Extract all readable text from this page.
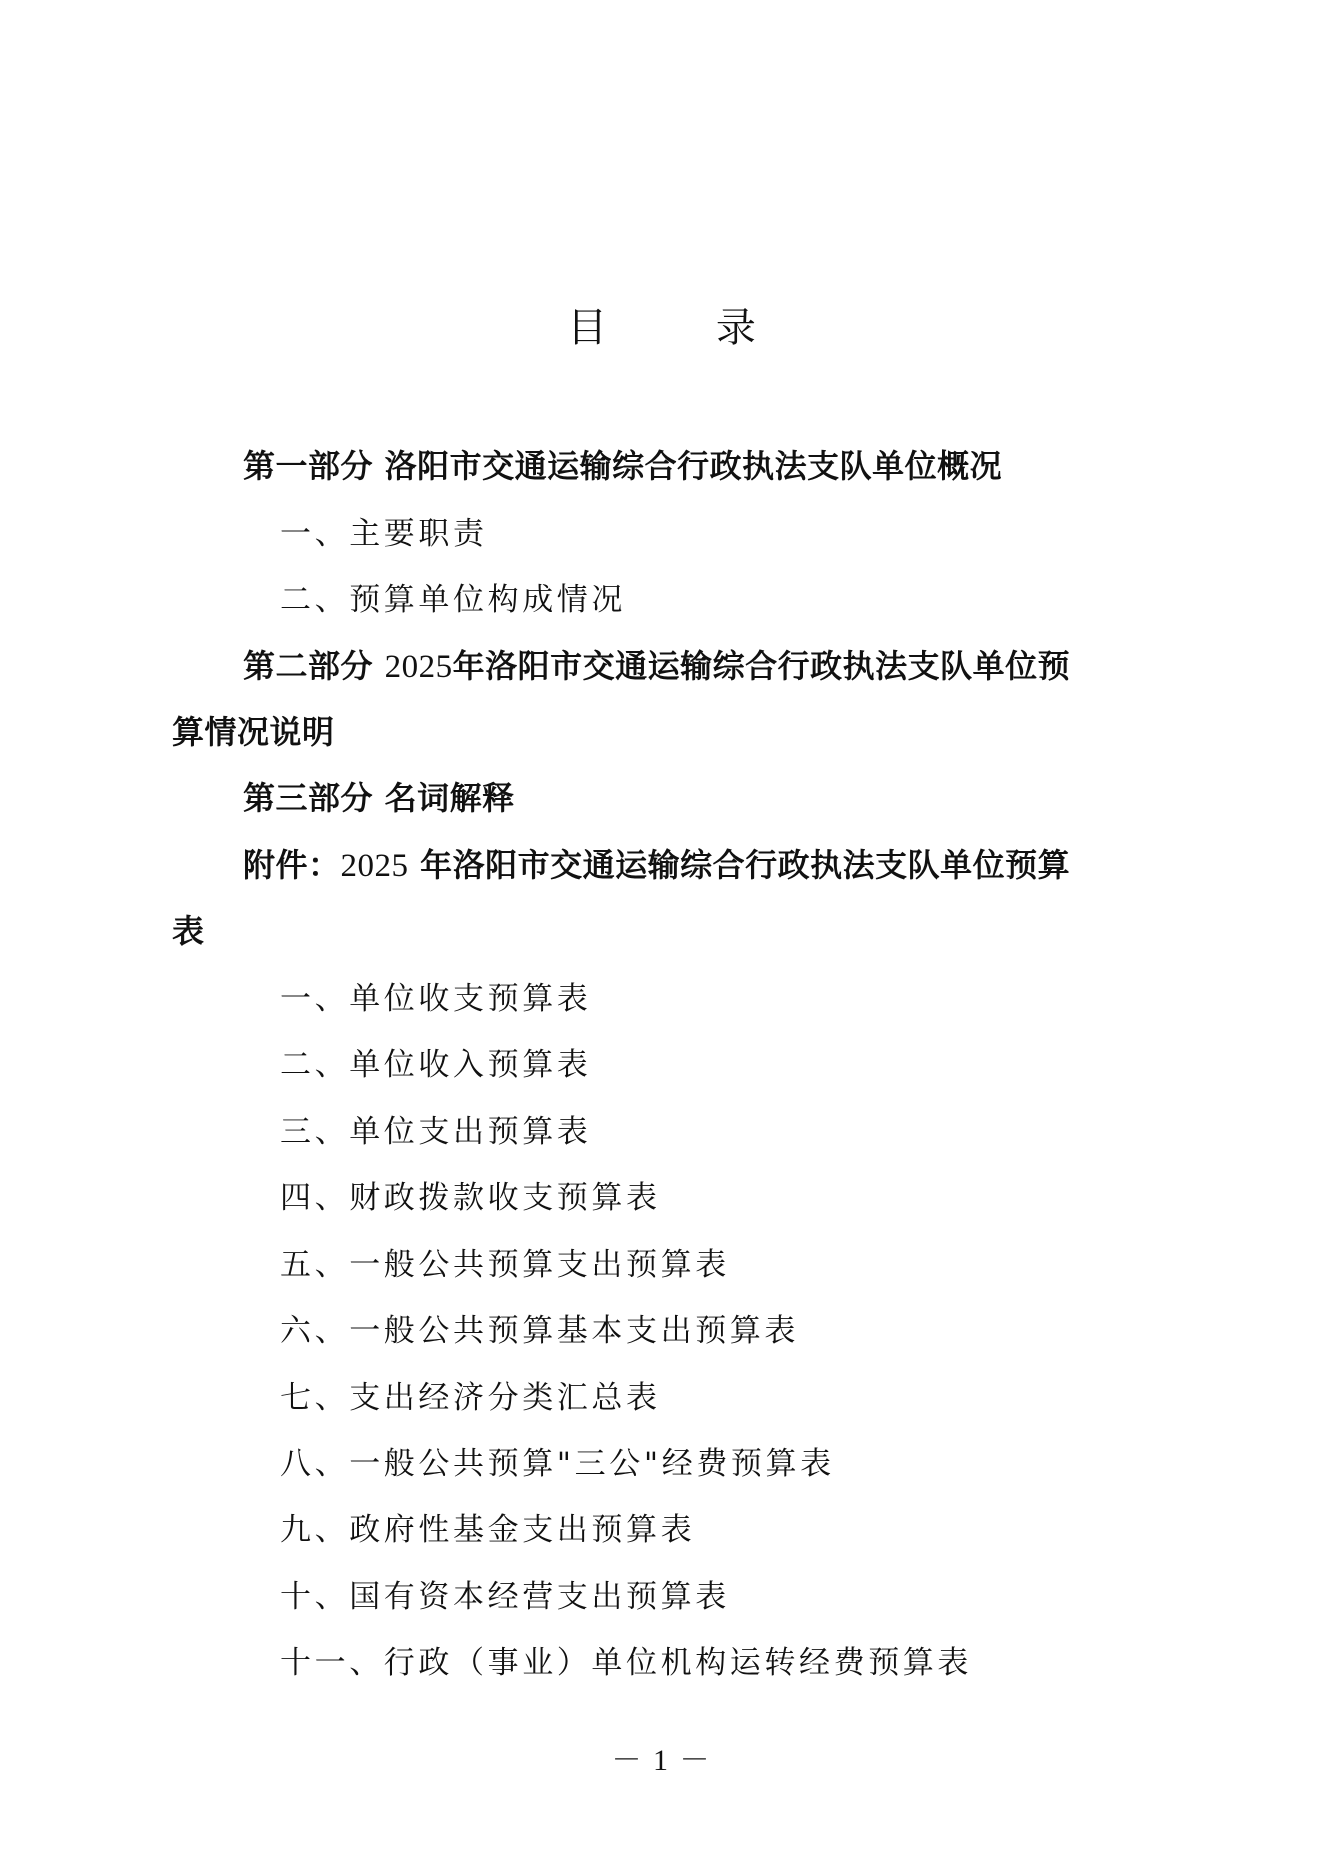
目 录
第一部分 洛阳市交通运输综合行政执法支队单位概况
一、主要职责
二、预算单位构成情况
第二部分 2025年洛阳市交通运输综合行政执法支队单位预
算情况说明
第三部分 名词解释
附件：2025 年洛阳市交通运输综合行政执法支队单位预算
表
一、单位收支预算表
二、单位收入预算表
三、单位支出预算表
四、财政拨款收支预算表
五、一般公共预算支出预算表
六、一般公共预算基本支出预算表
七、支出经济分类汇总表
八、一般公共预算"三公"经费预算表
九、政府性基金支出预算表
十、国有资本经营支出预算表
十一、行政（事业）单位机构运转经费预算表
－ 1 －
